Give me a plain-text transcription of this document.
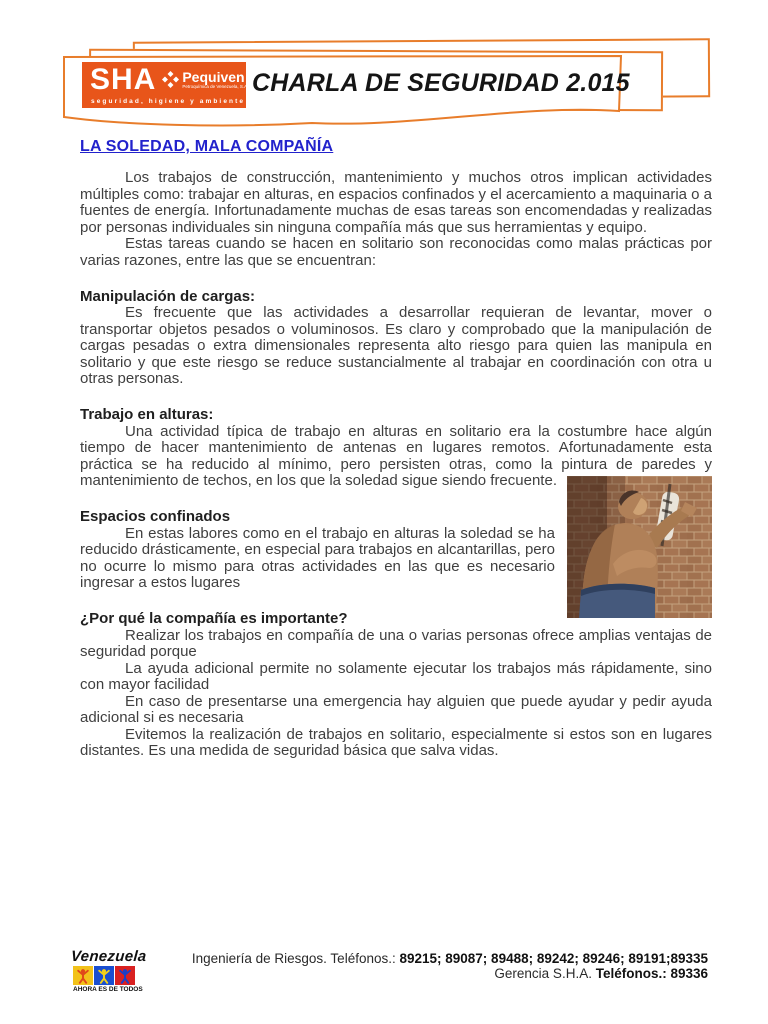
SHA	Pequiven
Petroquímica de Venezuela, S.A.
seguridad, higiene y ambiente
CHARLA DE SEGURIDAD 2.015
LA SOLEDAD, MALA COMPAÑÍA

Los trabajos de construcción, mantenimiento y muchos otros implican actividades múltiples como: trabajar en alturas, en espacios confinados y el acercamiento a maquinaria o a fuentes de energía. Infortunadamente muchas de esas tareas son encomendadas y realizadas por personas individuales sin ninguna compañía más que sus herramientas y equipo.

Estas tareas cuando se hacen en solitario son reconocidas como malas prácticas por varias razones, entre las que se encuentran:

Manipulación de cargas:

Es frecuente que las actividades a desarrollar requieran de levantar, mover o transportar objetos pesados o voluminosos. Es claro y comprobado que la manipulación de cargas pesadas o extra dimensionales representa alto riesgo para quien las manipula en solitario y que este riesgo se reduce sustancialmente al trabajar en coordinación con otra u otras personas.

Trabajo en alturas:

Una actividad típica de trabajo en alturas en solitario era la costumbre hace algún tiempo de hacer mantenimiento de antenas en lugares remotos. Afortunadamente esta práctica se ha reducido al mínimo, pero persisten otras, como la pintura de paredes y mantenimiento de techos, en los que la soledad sigue siendo frecuente.

Espacios confinados

En estas labores como en el trabajo en alturas la soledad se ha reducido drásticamente, en especial para trabajos en alcantarillas, pero no ocurre lo mismo para otras actividades en las que es necesario ingresar a estos lugares

¿Por qué la compañía es importante?

Realizar los trabajos en compañía de una o varias personas ofrece amplias ventajas de seguridad porque

La ayuda adicional permite no solamente ejecutar los trabajos más rápidamente, sino con mayor facilidad

En caso de presentarse una emergencia hay alguien que puede ayudar y pedir ayuda adicional si es necesaria

Evitemos la realización de trabajos en solitario, especialmente si estos son en lugares distantes. Es una medida de seguridad básica que salva vidas.

Venezuela
AHORA ES DE TODOS
Ingeniería de Riesgos. Teléfonos.: 89215; 89087; 89488; 89242; 89246; 89191;89335
Gerencia S.H.A. Teléfonos.: 89336
